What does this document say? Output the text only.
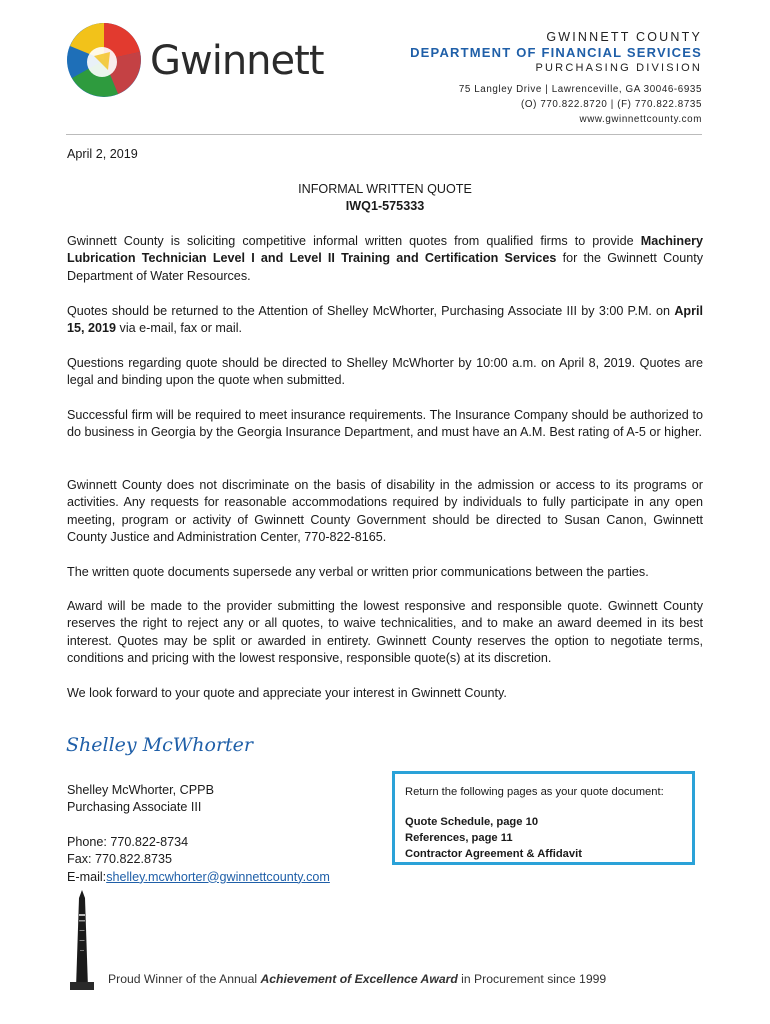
Gwinnett
GWINNETT COUNTY
DEPARTMENT OF FINANCIAL SERVICES
PURCHASING DIVISION
75 Langley Drive | Lawrenceville, GA 30046-6935
(O) 770.822.8720 | (F) 770.822.8735
www.gwinnettcounty.com
April 2, 2019
INFORMAL WRITTEN QUOTE
IWQ1-575333
Gwinnett County is soliciting competitive informal written quotes from qualified firms to provide Machinery Lubrication Technician Level I and Level II Training and Certification Services for the Gwinnett County Department of Water Resources.
Quotes should be returned to the Attention of Shelley McWhorter, Purchasing Associate III by 3:00 P.M. on April 15, 2019 via e-mail, fax or mail.
Questions regarding quote should be directed to Shelley McWhorter by 10:00 a.m. on April 8, 2019. Quotes are legal and binding upon the quote when submitted.
Successful firm will be required to meet insurance requirements. The Insurance Company should be authorized to do business in Georgia by the Georgia Insurance Department, and must have an A.M. Best rating of A-5 or higher.
Gwinnett County does not discriminate on the basis of disability in the admission or access to its programs or activities. Any requests for reasonable accommodations required by individuals to fully participate in any open meeting, program or activity of Gwinnett County Government should be directed to Susan Canon, Gwinnett County Justice and Administration Center, 770-822-8165.
The written quote documents supersede any verbal or written prior communications between the parties.
Award will be made to the provider submitting the lowest responsive and responsible quote. Gwinnett County reserves the right to reject any or all quotes, to waive technicalities, and to make an award deemed in its best interest. Quotes may be split or awarded in entirety. Gwinnett County reserves the option to negotiate terms, conditions and pricing with the lowest responsive, responsible quote(s) at its discretion.
We look forward to your quote and appreciate your interest in Gwinnett County.
Shelley McWhorter
Shelley McWhorter, CPPB
Purchasing Associate III
Phone: 770.822-8734
Fax: 770.822.8735
E-mail:shelley.mcwhorter@gwinnettcounty.com
Return the following pages as your quote document:
Quote Schedule, page 10
References, page 11
Contractor Agreement & Affidavit
Proud Winner of the Annual Achievement of Excellence Award in Procurement since 1999
